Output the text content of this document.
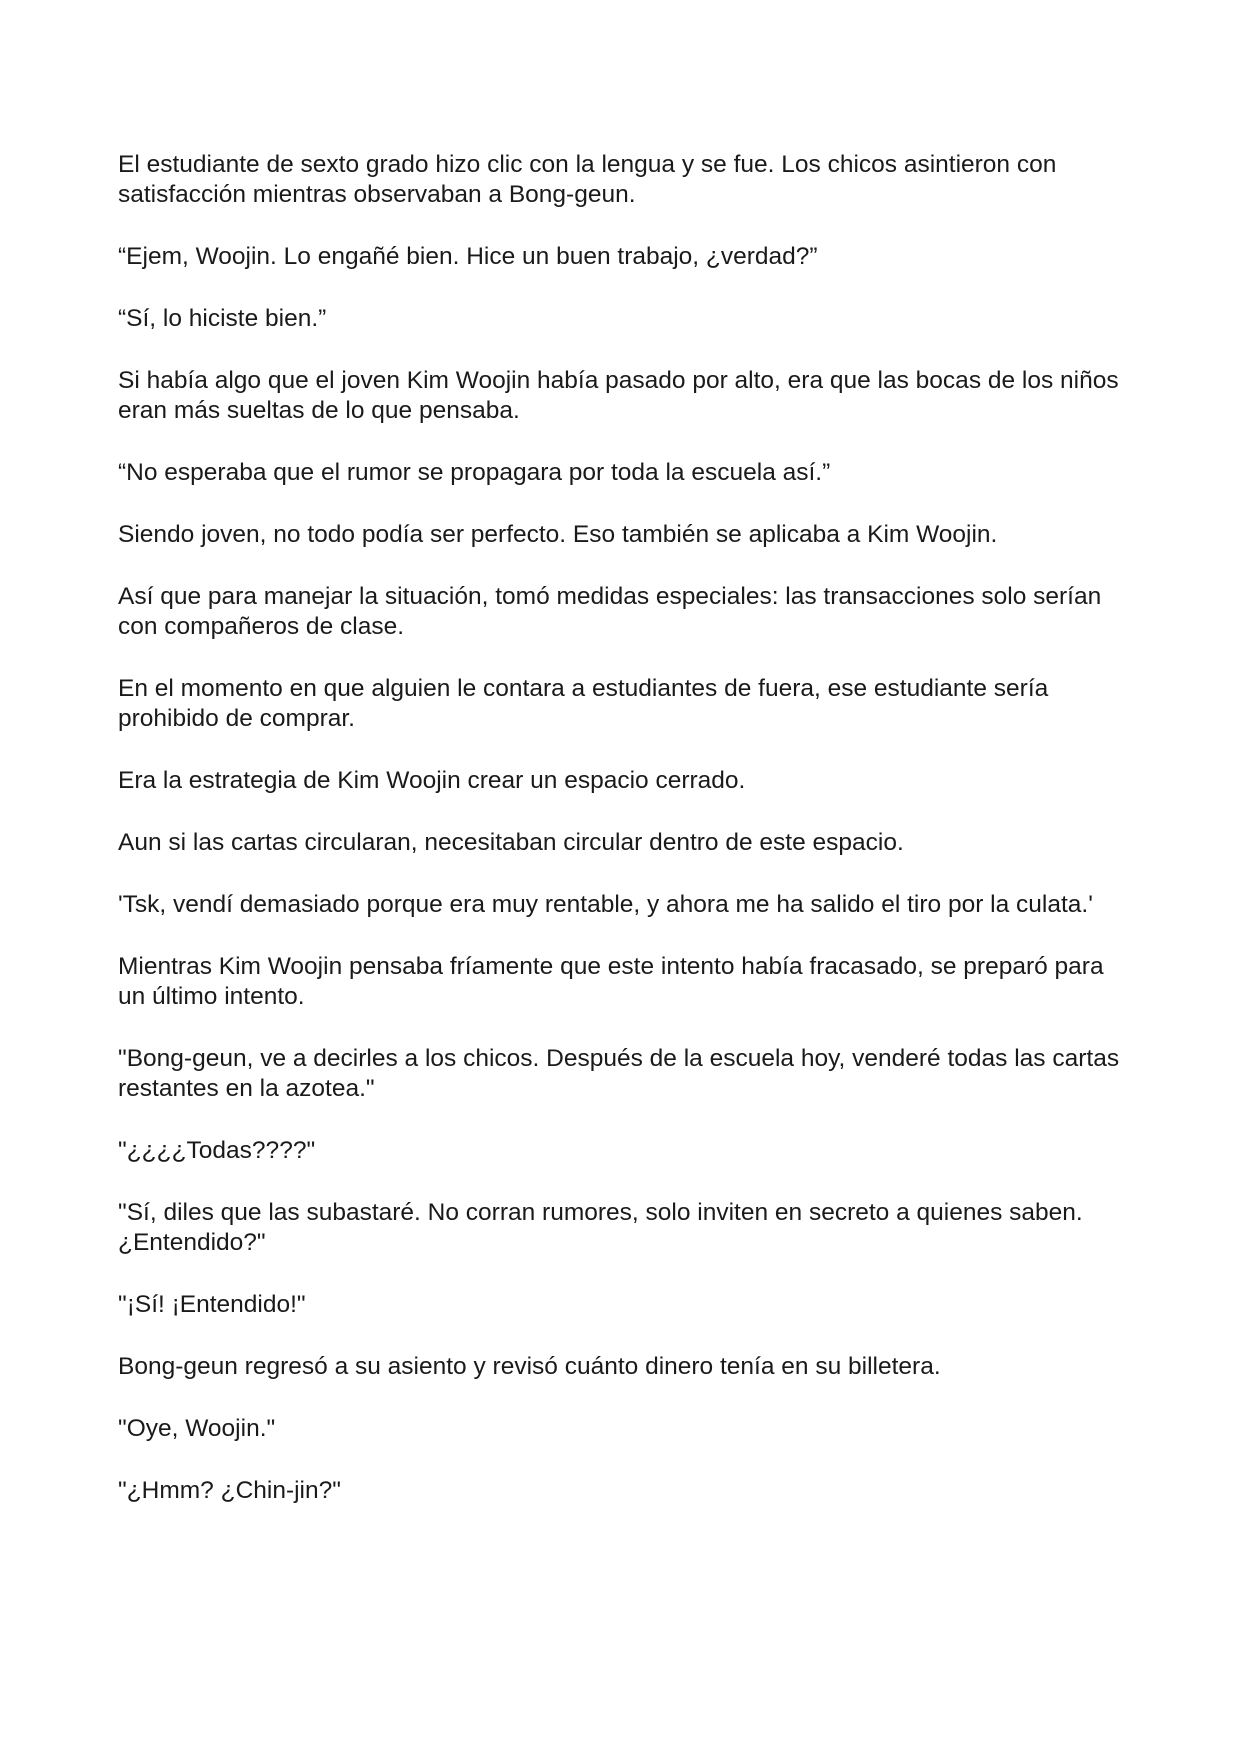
El estudiante de sexto grado hizo clic con la lengua y se fue. Los chicos asintieron con satisfacción mientras observaban a Bong-geun.

“Ejem, Woojin. Lo engañé bien. Hice un buen trabajo, ¿verdad?”

“Sí, lo hiciste bien.”

Si había algo que el joven Kim Woojin había pasado por alto, era que las bocas de los niños eran más sueltas de lo que pensaba.

“No esperaba que el rumor se propagara por toda la escuela así.”

Siendo joven, no todo podía ser perfecto. Eso también se aplicaba a Kim Woojin.

Así que para manejar la situación, tomó medidas especiales: las transacciones solo serían con compañeros de clase.

En el momento en que alguien le contara a estudiantes de fuera, ese estudiante sería prohibido de comprar.

Era la estrategia de Kim Woojin crear un espacio cerrado.

Aun si las cartas circularan, necesitaban circular dentro de este espacio.

'Tsk, vendí demasiado porque era muy rentable, y ahora me ha salido el tiro por la culata.'

Mientras Kim Woojin pensaba fríamente que este intento había fracasado, se preparó para un último intento.

"Bong-geun, ve a decirles a los chicos. Después de la escuela hoy, venderé todas las cartas restantes en la azotea."

"¿¿¿¿Todas????"

"Sí, diles que las subastaré. No corran rumores, solo inviten en secreto a quienes saben. ¿Entendido?"

"¡Sí! ¡Entendido!"

Bong-geun regresó a su asiento y revisó cuánto dinero tenía en su billetera.

"Oye, Woojin."

"¿Hmm? ¿Chin-jin?"
